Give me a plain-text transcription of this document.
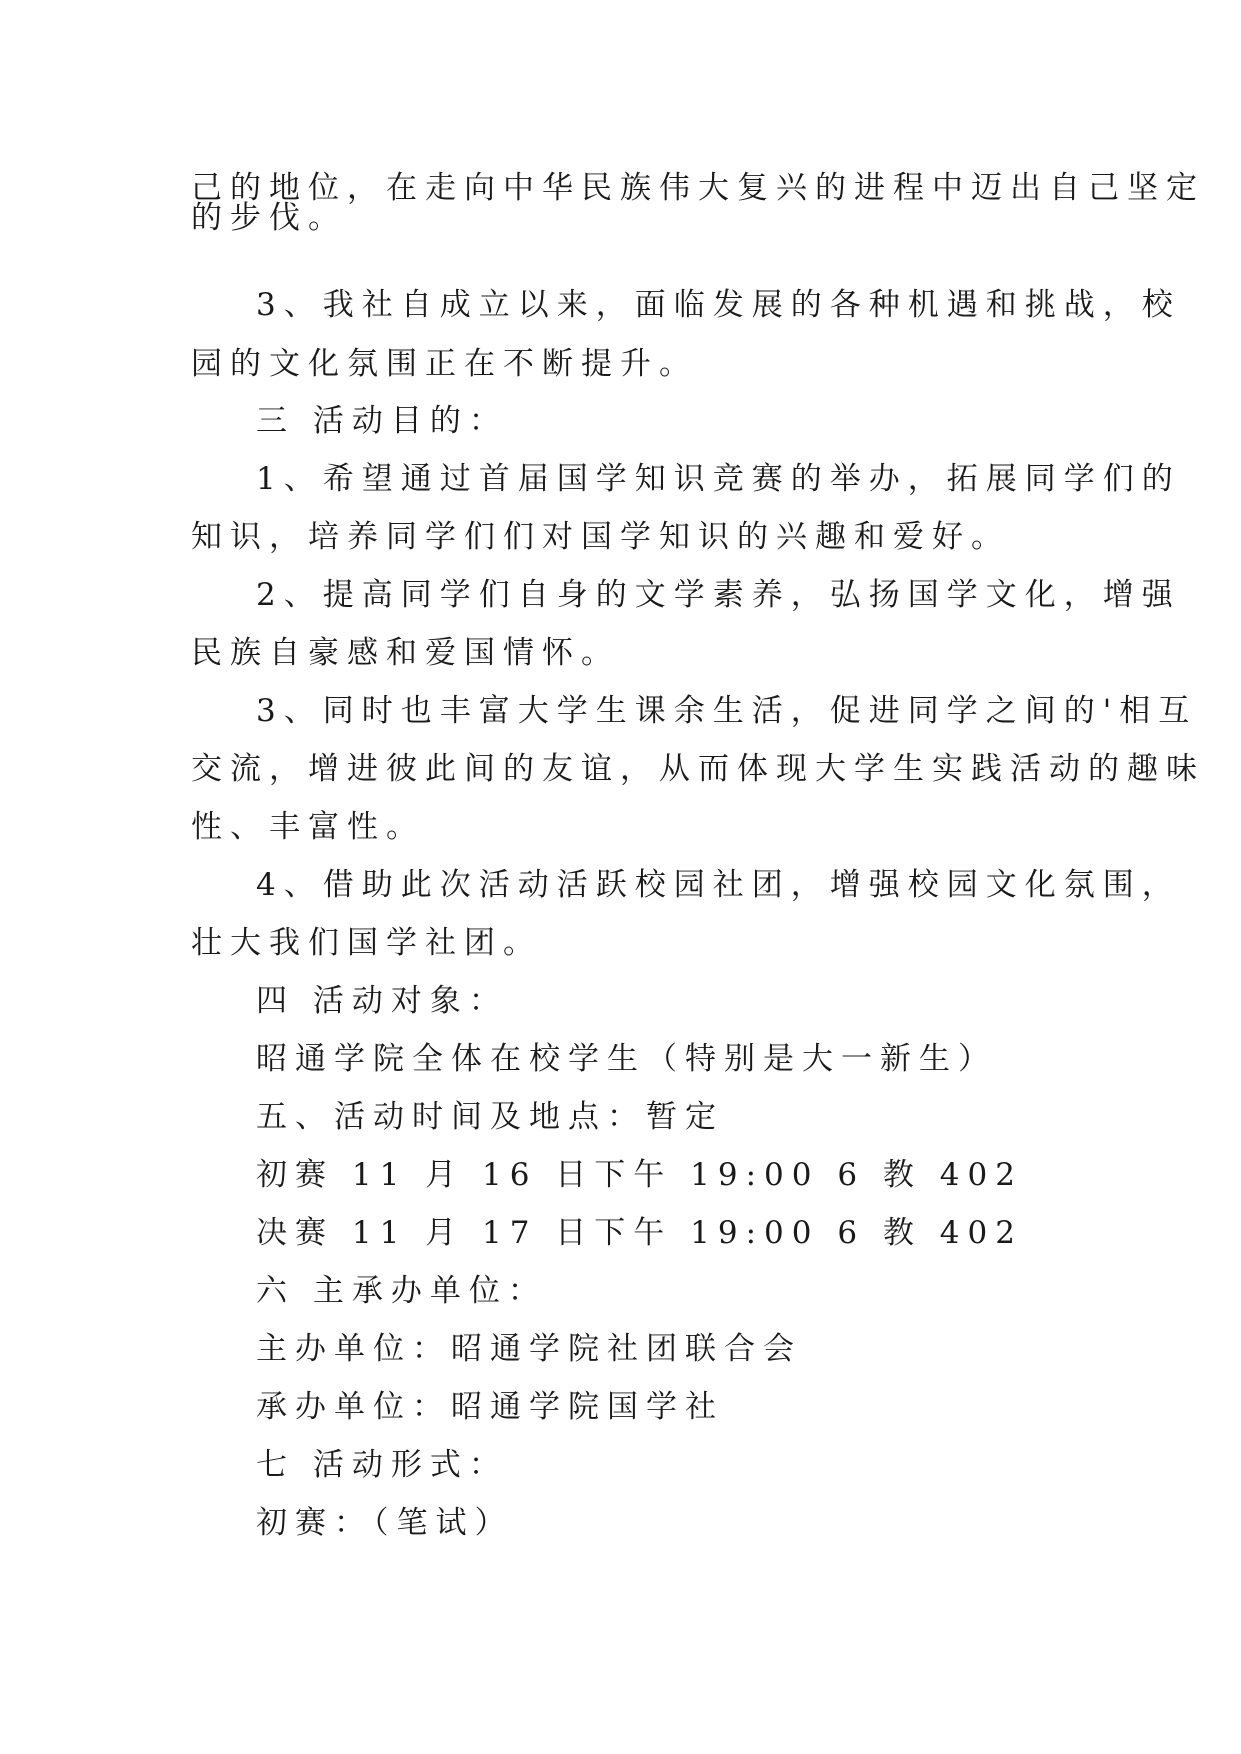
己的地位，在走向中华民族伟大复兴的进程中迈出自己坚定
的步伐。
3、我社自成立以来，面临发展的各种机遇和挑战，校
园的文化氛围正在不断提升。
三 活动目的：
1、希望通过首届国学知识竞赛的举办，拓展同学们的
知识，培养同学们们对国学知识的兴趣和爱好。
2、提高同学们自身的文学素养，弘扬国学文化，增强
民族自豪感和爱国情怀。
3、同时也丰富大学生课余生活，促进同学之间的'相互
交流，增进彼此间的友谊，从而体现大学生实践活动的趣味
性、丰富性。
4、借助此次活动活跃校园社团，增强校园文化氛围，
壮大我们国学社团。
四 活动对象：
昭通学院全体在校学生（特别是大一新生）
五、活动时间及地点：暂定
初赛 11 月 16 日下午 19:00 6 教 402
决赛 11 月 17 日下午 19:00 6 教 402
六 主承办单位：
主办单位：昭通学院社团联合会
承办单位：昭通学院国学社
七 活动形式：
初赛：（笔试）
